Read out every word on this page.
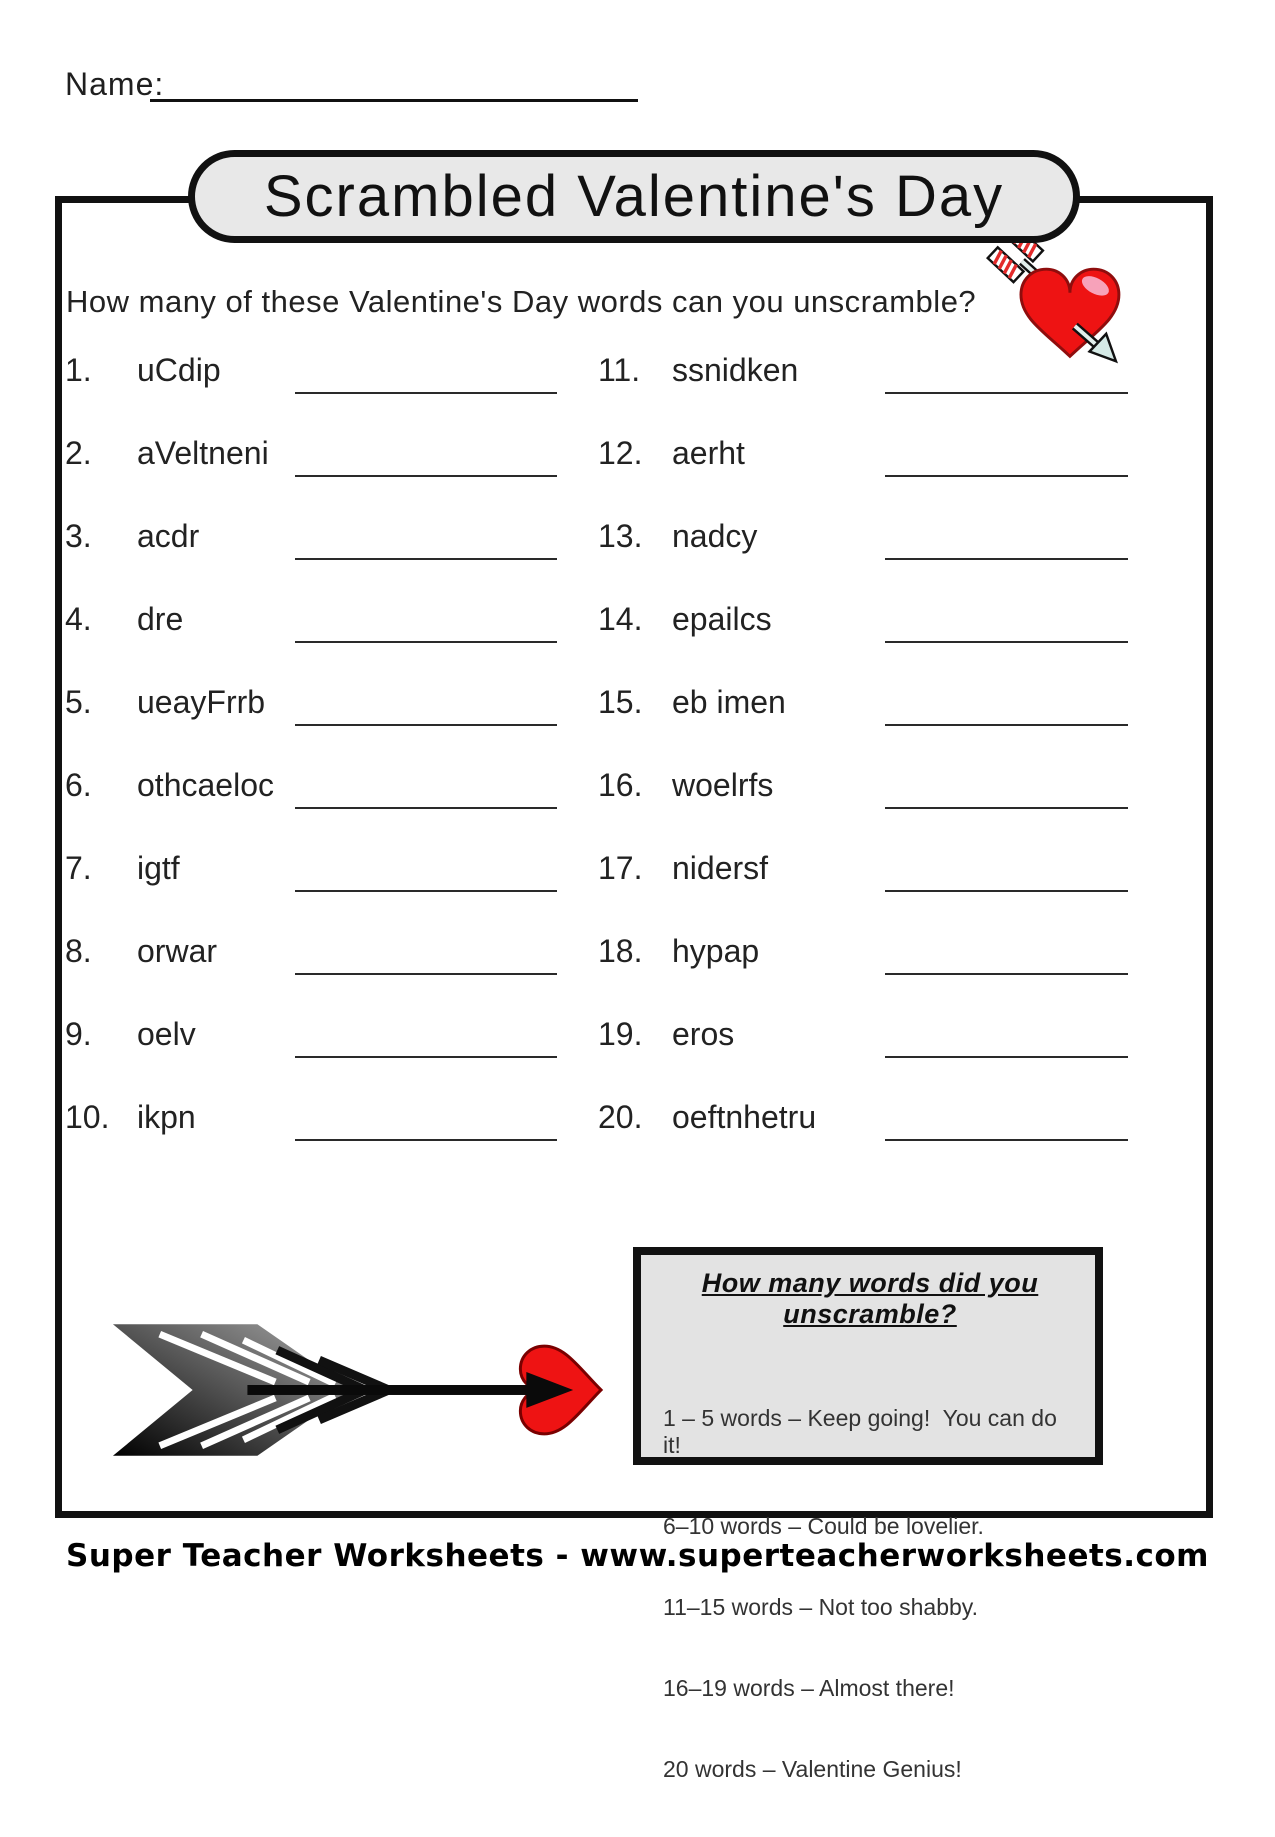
Name:
Scrambled Valentine's Day
How many of these Valentine's Day words can you unscramble?
1.	uCdip
2.	aVeltneni
3.	acdr
4.	dre
5.	ueayFrrb
6.	othcaeloc
7.	igtf
8.	orwar
9.	oelv
10. ikpn
11. ssnidken
12. aerht
13. nadcy
14. epailcs
15. eb imen
16. woelrfs
17. nidersf
18. hypap
19. eros
20. oeftnhetru
How many words did you unscramble?

1 – 5 words – Keep going!  You can do it!

6–10 words – Could be lovelier.

11–15 words – Not too shabby.

16–19 words – Almost there!

20 words – Valentine Genius!

Super Teacher Worksheets - www.superteacherworksheets.com
